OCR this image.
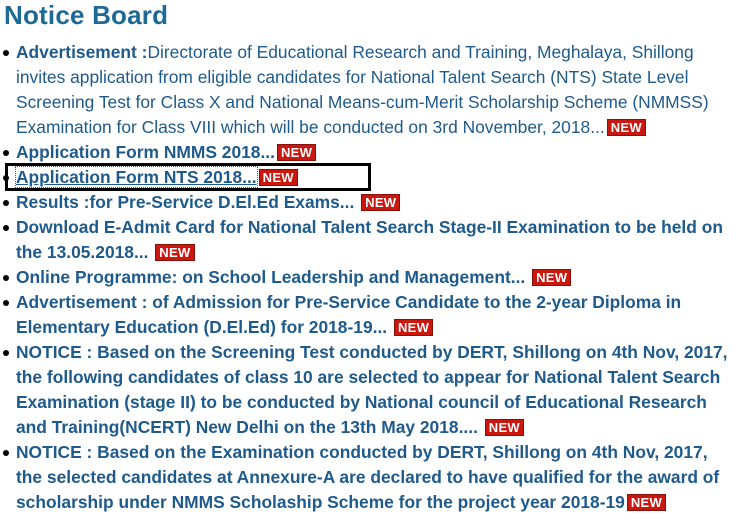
Notice Board
Advertisement :Directorate of Educational Research and Training, Meghalaya, Shillong invites application from eligible candidates for National Talent Search (NTS) State Level Screening Test for Class X and National Means-cum-Merit Scholarship Scheme (NMMSS) Examination for Class VIII which will be conducted on 3rd November, 2018... NEW
Application Form NMMS 2018... NEW
Application Form NTS 2018... NEW
Results :for Pre-Service D.El.Ed Exams... NEW
Download E-Admit Card for National Talent Search Stage-II Examination to be held on the 13.05.2018... NEW
Online Programme: on School Leadership and Management... NEW
Advertisement : of Admission for Pre-Service Candidate to the 2-year Diploma in Elementary Education (D.El.Ed) for 2018-19... NEW
NOTICE : Based on the Screening Test conducted by DERT, Shillong on 4th Nov, 2017, the following candidates of class 10 are selected to appear for National Talent Search Examination (stage II) to be conducted by National council of Educational Research and Training(NCERT) New Delhi on the 13th May 2018.... NEW
NOTICE : Based on the Examination conducted by DERT, Shillong on 4th Nov, 2017, the selected candidates at Annexure-A are declared to have qualified for the award of scholarship under NMMS Scholaship Scheme for the project year 2018-19 NEW
